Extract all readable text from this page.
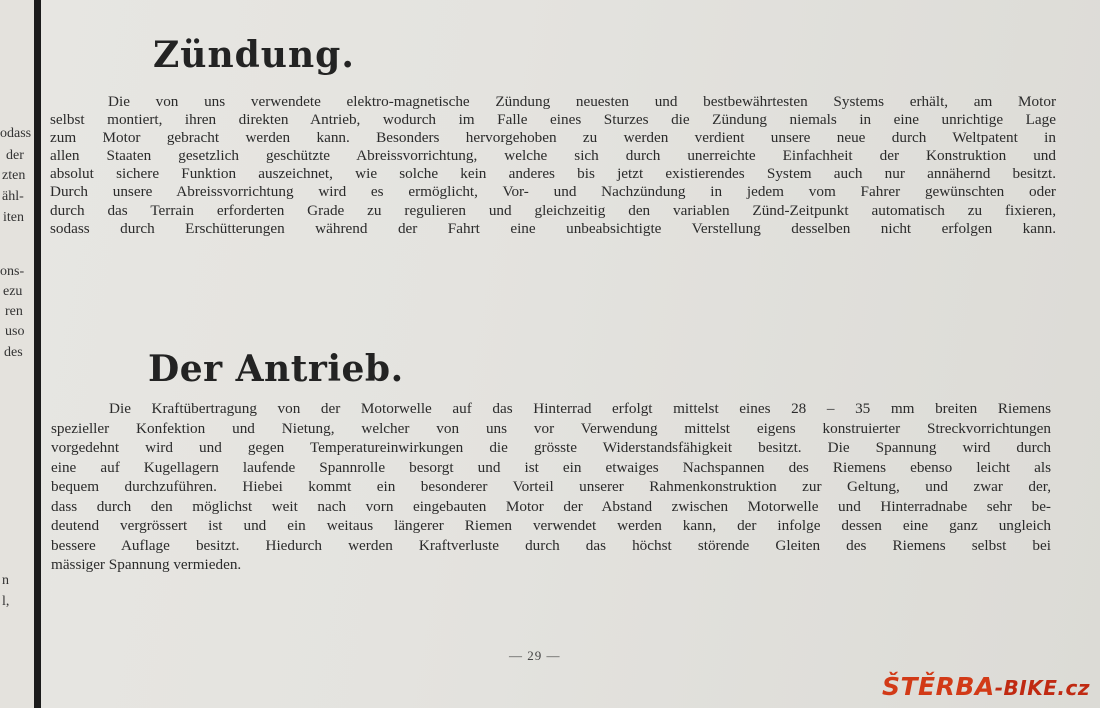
odass
der
zten
ähl-
iten
ons-
ezu
ren
uso
des
n
l,
Zündung.

Die von uns verwendete elektro-magnetische Zündung neuesten und bestbewährtesten Systems erhält, am Motor
selbst montiert, ihren direkten Antrieb, wodurch im Falle eines Sturzes die Zündung niemals in eine unrichtige Lage
zum Motor gebracht werden kann. Besonders hervorgehoben zu werden verdient unsere neue durch Weltpatent in
allen Staaten gesetzlich geschützte Abreissvorrichtung, welche sich durch unerreichte Einfachheit der Konstruktion und
absolut sichere Funktion auszeichnet, wie solche kein anderes bis jetzt existierendes System auch nur annähernd besitzt.
Durch unsere Abreissvorrichtung wird es ermöglicht, Vor- und Nachzündung in jedem vom Fahrer gewünschten oder
durch das Terrain erforderten Grade zu regulieren und gleichzeitig den variablen Zünd-Zeitpunkt automatisch zu fixieren,
sodass durch Erschütterungen während der Fahrt eine unbeabsichtigte Verstellung desselben nicht erfolgen kann.

Der Antrieb.

Die Kraftübertragung von der Motorwelle auf das Hinterrad erfolgt mittelst eines 28 – 35 mm breiten Riemens
spezieller Konfektion und Nietung, welcher von uns vor Verwendung mittelst eigens konstruierter Streckvorrichtungen
vorgedehnt wird und gegen Temperatureinwirkungen die grösste Widerstandsfähigkeit besitzt. Die Spannung wird durch
eine auf Kugellagern laufende Spannrolle besorgt und ist ein etwaiges Nachspannen des Riemens ebenso leicht als
bequem durchzuführen. Hiebei kommt ein besonderer Vorteil unserer Rahmenkonstruktion zur Geltung, und zwar der,
dass durch den möglichst weit nach vorn eingebauten Motor der Abstand zwischen Motorwelle und Hinterradnabe sehr be-
deutend vergrössert ist und ein weitaus längerer Riemen verwendet werden kann, der infolge dessen eine ganz ungleich
bessere Auflage besitzt. Hiedurch werden Kraftverluste durch das höchst störende Gleiten des Riemens selbst bei
mässiger Spannung vermieden.

— 29 —
ŠTĚRBA-BIKE.cz
